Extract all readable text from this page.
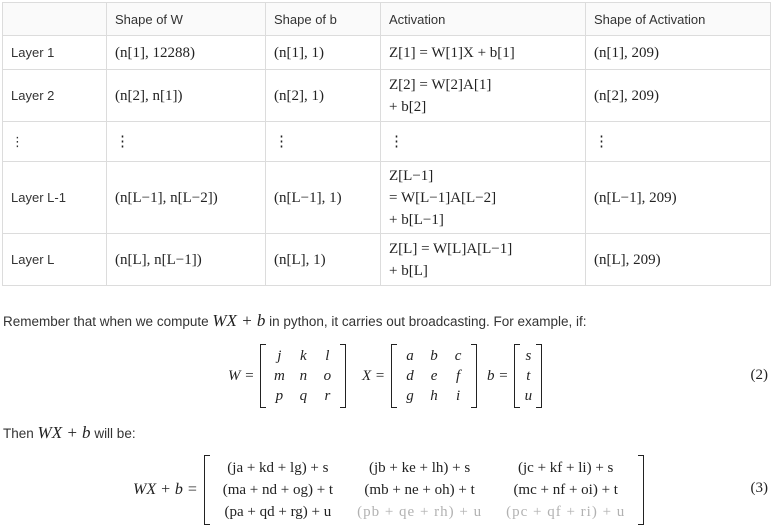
	Shape of W	Shape of b	Activation	Shape of Activation
Layer 1	(n[1], 12288)	(n[1], 1)	Z[1] = W[1]X + b[1]	(n[1], 209)
Layer 2	(n[2], n[1])	(n[2], 1)	Z[2] = W[2]A[1]
+ b[2]	(n[2], 209)
⋮	⋮	⋮	⋮	⋮
Layer L-1	(n[L−1], n[L−2])	(n[L−1], 1)	Z[L−1]
= W[L−1]A[L−2]
+ b[L−1]	(n[L−1], 209)
Layer L	(n[L], n[L−1])	(n[L], 1)	Z[L] = W[L]A[L−1]
+ b[L]	(n[L], 209)
Remember that when we compute WX + b in python, it carries out broadcasting. For example, if:
W =
j	k	l
m n	o
p	q	r
X =
a	b	c
d	e	f
g	h	i
b =
s
t
u
(2)
Then WX + b will be:
WX + b =
(ja + kd + lg) + s	(jb + ke + lh) + s	(jc + kf + li) + s
(ma + nd + og) + t	(mb + ne + oh) + t	(mc + nf + oi) + t
(pa + qd + rg) + u	(pb + qe + rh) + u	(pc + qf + ri) + u
(3)
